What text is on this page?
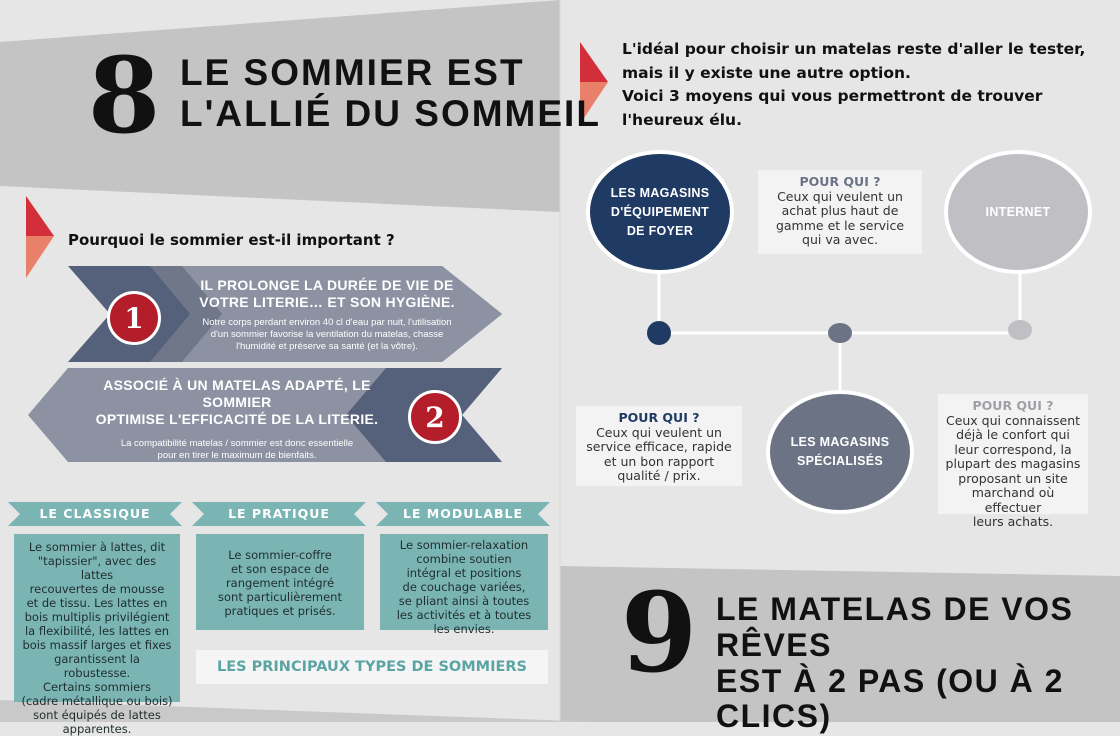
8 LE SOMMIER EST
L'ALLIÉ DU SOMMEIL
Pourquoi le sommier est-il important ?
1
IL PROLONGE LA DURÉE DE VIE DE
VOTRE LITERIE… ET SON HYGIÈNE.
Notre corps perdant environ 40 cl d'eau par nuit, l'utilisation
d'un sommier favorise la ventilation du matelas, chasse
l'humidité et préserve sa santé (et la vôtre).
2
ASSOCIÉ À UN MATELAS ADAPTÉ, LE SOMMIER
OPTIMISE L'EFFICACITÉ DE LA LITERIE.
La compatibilité matelas / sommier est donc essentielle
pour en tirer le maximum de bienfaits.
LE CLASSIQUE	LE PRATIQUE	LE MODULABLE
Le sommier à lattes, dit
"tapissier", avec des lattes
recouvertes de mousse
et de tissu. Les lattes en
bois multiplis privilégient
la flexibilité, les lattes en
bois massif larges et fixes
garantissent la robustesse.
Certains sommiers
(cadre métallique ou bois)
sont équipés de lattes
apparentes.
Le sommier-coffre
et son espace de
rangement intégré
sont particulièrement
pratiques et prisés.
Le sommier-relaxation
combine soutien
intégral et positions
de couchage variées,
se pliant ainsi à toutes
les activités et à toutes
les envies.
LES PRINCIPAUX TYPES DE SOMMIERS
L'idéal pour choisir un matelas reste d'aller le tester,
mais il y existe une autre option.
Voici 3 moyens qui vous permettront de trouver
l'heureux élu.
LES MAGASINS
D'ÉQUIPEMENT
DE FOYER
POUR QUI ?
Ceux qui veulent un
achat plus haut de
gamme et le service
qui va avec.
INTERNET
POUR QUI ?
Ceux qui veulent un
service efficace, rapide
et un bon rapport
qualité / prix.
LES MAGASINS
SPÉCIALISÉS
POUR QUI ?
Ceux qui connaissent
déjà le confort qui
leur correspond, la
plupart des magasins
proposant un site
marchand où effectuer
leurs achats.
9 LE MATELAS DE VOS RÊVES
EST À 2 PAS (OU À 2 CLICS)
